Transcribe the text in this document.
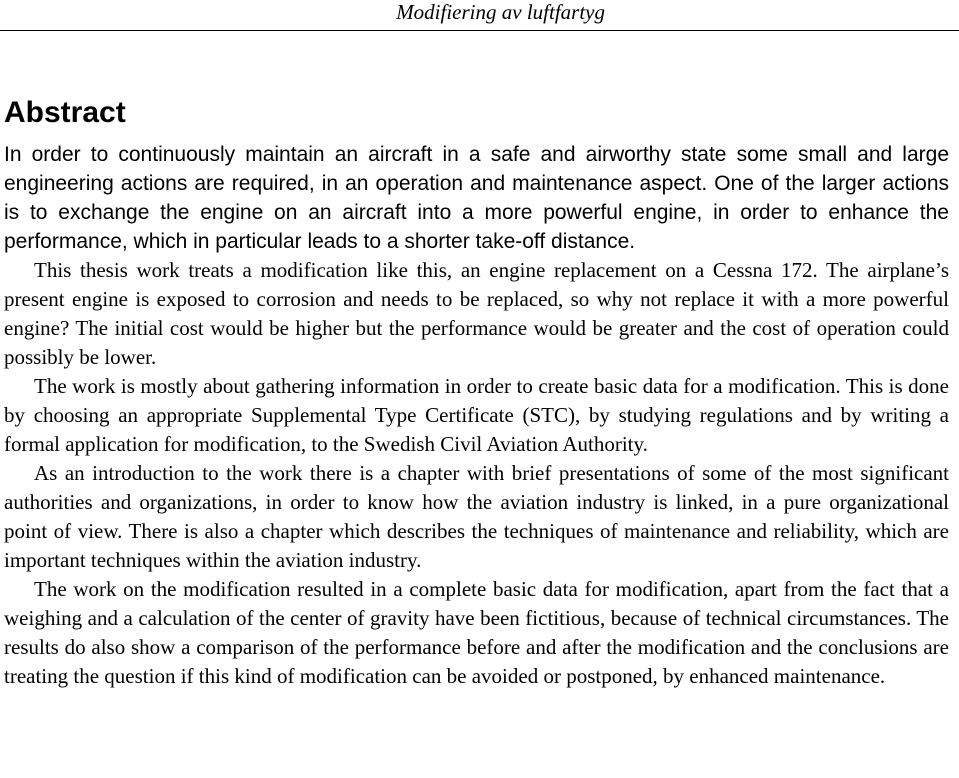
Modifiering av luftfartyg
Abstract

In order to continuously maintain an aircraft in a safe and airworthy state some small and large engineering actions are required, in an operation and maintenance aspect. One of the larger actions is to exchange the engine on an aircraft into a more powerful engine, in order to enhance the performance, which in particular leads to a shorter take-off distance.

This thesis work treats a modification like this, an engine replacement on a Cessna 172. The airplane’s present engine is exposed to corrosion and needs to be replaced, so why not replace it with a more powerful engine? The initial cost would be higher but the performance would be greater and the cost of operation could possibly be lower.

The work is mostly about gathering information in order to create basic data for a modification. This is done by choosing an appropriate Supplemental Type Certificate (STC), by studying regulations and by writing a formal application for modification, to the Swedish Civil Aviation Authority.

As an introduction to the work there is a chapter with brief presentations of some of the most significant authorities and organizations, in order to know how the aviation industry is linked, in a pure organizational point of view. There is also a chapter which describes the techniques of maintenance and reliability, which are important techniques within the aviation industry.

The work on the modification resulted in a complete basic data for modification, apart from the fact that a weighing and a calculation of the center of gravity have been fictitious, because of technical circumstances. The results do also show a comparison of the performance before and after the modification and the conclusions are treating the question if this kind of modification can be avoided or postponed, by enhanced maintenance.
